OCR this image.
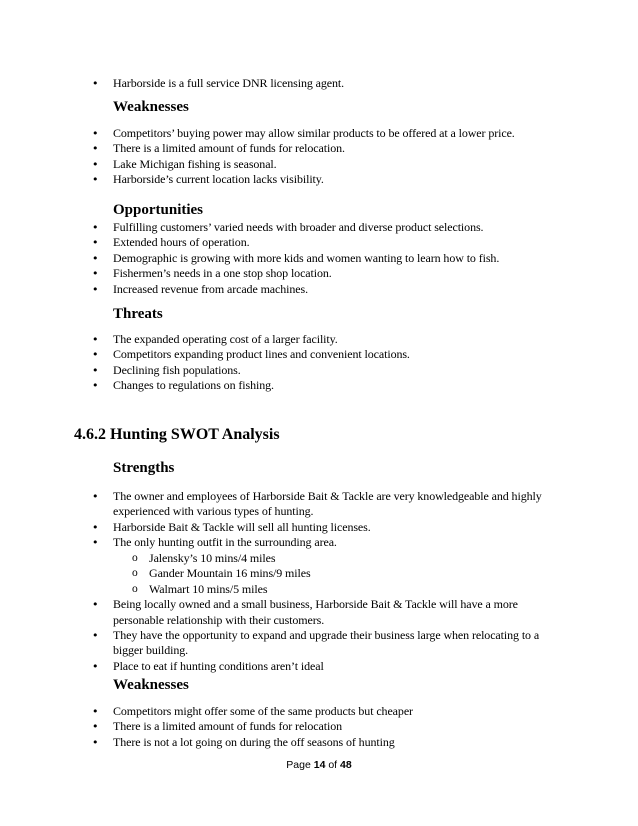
• Harborside is a full service DNR licensing agent.
Weaknesses
• Competitors’ buying power may allow similar products to be offered at a lower price.
• There is a limited amount of funds for relocation.
• Lake Michigan fishing is seasonal.
• Harborside’s current location lacks visibility.
Opportunities
• Fulfilling customers’ varied needs with broader and diverse product selections.
• Extended hours of operation.
• Demographic is growing with more kids and women wanting to learn how to fish.
• Fishermen’s needs in a one stop shop location.
• Increased revenue from arcade machines.
Threats
• The expanded operating cost of a larger facility.
• Competitors expanding product lines and convenient locations.
• Declining fish populations.
• Changes to regulations on fishing.
4.6.2 Hunting SWOT Analysis
Strengths
• The owner and employees of Harborside Bait & Tackle are very knowledgeable and highly experienced with various types of hunting.
• Harborside Bait & Tackle will sell all hunting licenses.
• The only hunting outfit in the surrounding area.
o Jalensky’s 10 mins/4 miles
o Gander Mountain 16 mins/9 miles
o Walmart 10 mins/5 miles
• Being locally owned and a small business, Harborside Bait & Tackle will have a more personable relationship with their customers.
• They have the opportunity to expand and upgrade their business large when relocating to a bigger building.
• Place to eat if hunting conditions aren’t ideal
Weaknesses
• Competitors might offer some of the same products but cheaper
• There is a limited amount of funds for relocation
• There is not a lot going on during the off seasons of hunting
Page 14 of 48
